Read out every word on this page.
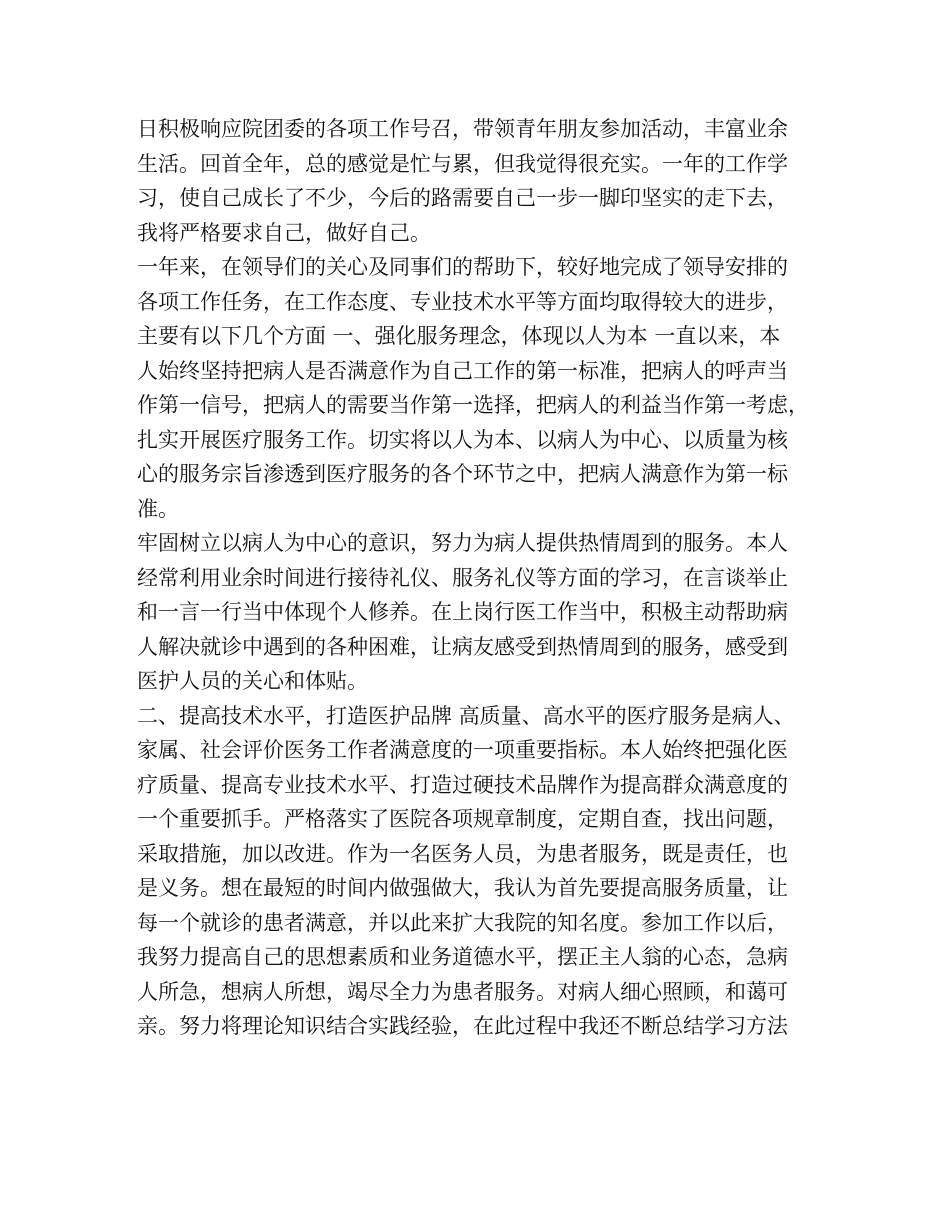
日积极响应院团委的各项工作号召，带领青年朋友参加活动，丰富业余
生活。回首全年，总的感觉是忙与累，但我觉得很充实。一年的工作学
习，使自己成长了不少，今后的路需要自己一步一脚印坚实的走下去，
我将严格要求自己，做好自己。
一年来，在领导们的关心及同事们的帮助下，较好地完成了领导安排的
各项工作任务，在工作态度、专业技术水平等方面均取得较大的进步，
主要有以下几个方面 一、强化服务理念，体现以人为本 一直以来，本
人始终坚持把病人是否满意作为自己工作的第一标准，把病人的呼声当
作第一信号，把病人的需要当作第一选择，把病人的利益当作第一考虑，
扎实开展医疗服务工作。切实将以人为本、以病人为中心、以质量为核
心的服务宗旨渗透到医疗服务的各个环节之中，把病人满意作为第一标
准。
牢固树立以病人为中心的意识，努力为病人提供热情周到的服务。本人
经常利用业余时间进行接待礼仪、服务礼仪等方面的学习，在言谈举止
和一言一行当中体现个人修养。在上岗行医工作当中，积极主动帮助病
人解决就诊中遇到的各种困难，让病友感受到热情周到的服务，感受到
医护人员的关心和体贴。
二、提高技术水平，打造医护品牌 高质量、高水平的医疗服务是病人、
家属、社会评价医务工作者满意度的一项重要指标。本人始终把强化医
疗质量、提高专业技术水平、打造过硬技术品牌作为提高群众满意度的
一个重要抓手。严格落实了医院各项规章制度，定期自查，找出问题，
采取措施，加以改进。作为一名医务人员，为患者服务，既是责任，也
是义务。想在最短的时间内做强做大，我认为首先要提高服务质量，让
每一个就诊的患者满意，并以此来扩大我院的知名度。参加工作以后，
我努力提高自己的思想素质和业务道德水平，摆正主人翁的心态，急病
人所急，想病人所想，竭尽全力为患者服务。对病人细心照顾，和蔼可
亲。努力将理论知识结合实践经验，在此过程中我还不断总结学习方法
